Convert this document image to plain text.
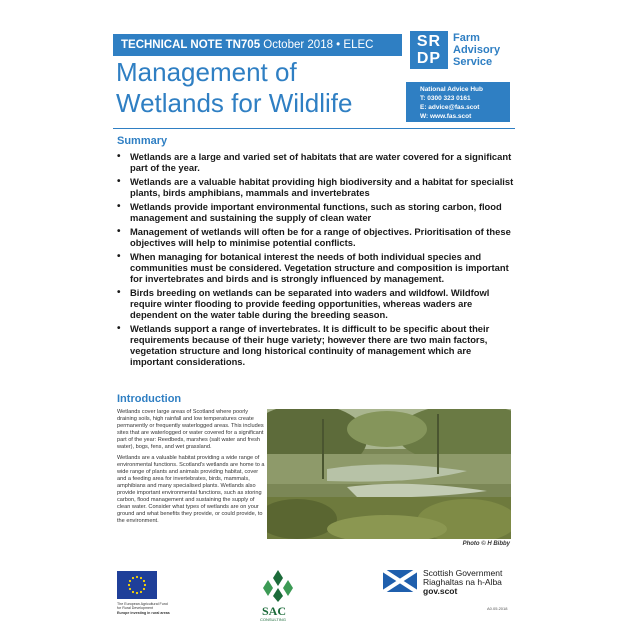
TECHNICAL NOTE TN705 October 2018 • ELEC
Management of
Wetlands for Wildlife
SR
DP
Farm
Advisory
Service
National Advice Hub
T: 0300 323 0161
E: advice@fas.scot
W: www.fas.scot
Summary
• Wetlands are a large and varied set of habitats that are water covered for a significant part of the year.
• Wetlands are a valuable habitat providing high biodiversity and a habitat for specialist plants, birds amphibians, mammals and invertebrates
• Wetlands provide important environmental functions, such as storing carbon, flood management and sustaining the supply of clean water
• Management of wetlands will often be for a range of objectives. Prioritisation of these objectives will help to minimise potential conflicts.
• When managing for botanical interest the needs of both individual species and communities must be considered. Vegetation structure and composition is important for invertebrates and birds and is strongly influenced by management.
• Birds breeding on wetlands can be separated into waders and wildfowl. Wildfowl require winter flooding to provide feeding opportunities, whereas waders are dependent on the water table during the breeding season.
• Wetlands support a range of invertebrates. It is difficult to be specific about their requirements because of their huge variety; however there are two main factors, vegetation structure and long historical continuity of management which are important considerations.
Introduction

Wetlands cover large areas of Scotland where poorly draining soils, high rainfall and low temperatures create permanently or frequently waterlogged areas. This includes sites that are waterlogged or water covered for a significant part of the year: Reedbeds, marshes (salt water and fresh water), bogs, fens, and wet grassland.

Wetlands are a valuable habitat providing a wide range of environmental functions. Scotland's wetlands are home to a wide range of plants and animals providing habitat, cover and a feeding area for invertebrates, birds, mammals, amphibians and many specialised plants. Wetlands also provide important environmental functions, such as storing carbon, flood management and sustaining the supply of clean water. Consider what types of wetlands are on your ground and what benefits they provide, or could provide, to the environment.

Photo © H Bibby
The European Agricultural Fund
for Rural Development
Europe investing in rural areas	SAC
CONSULTING
Scottish Government
Riaghaltas na h-Alba
gov.scot
A0.05.2018
